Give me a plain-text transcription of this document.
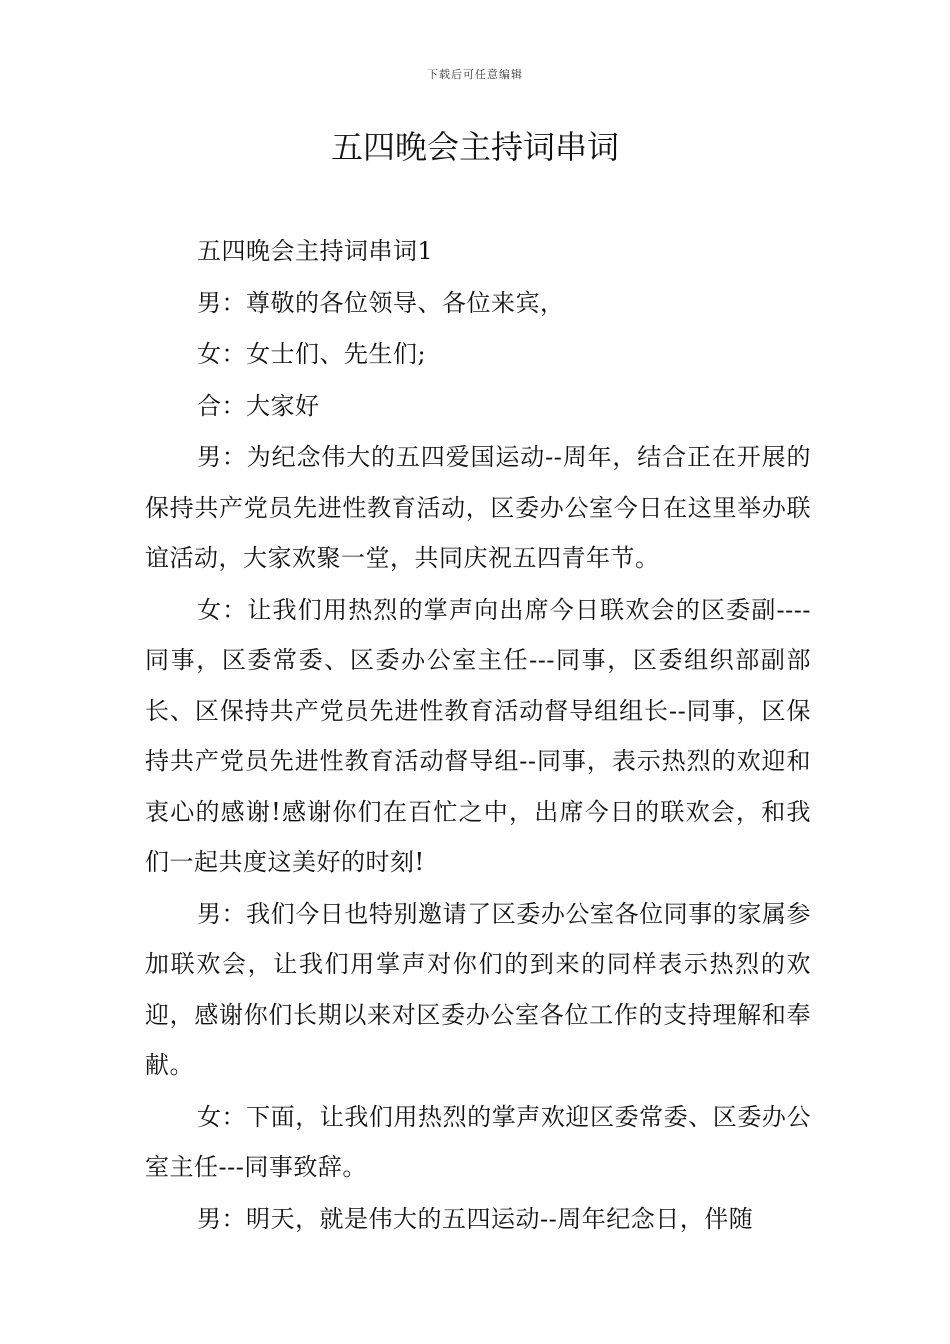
下载后可任意编辑
五四晚会主持词串词

五四晚会主持词串词1

男：尊敬的各位领导、各位来宾，

女：女士们、先生们;

合：大家好

男：为纪念伟大的五四爱国运动--周年，结合正在开展的保持共产党员先进性教育活动，区委办公室今日在这里举办联谊活动，大家欢聚一堂，共同庆祝五四青年节。

女：让我们用热烈的掌声向出席今日联欢会的区委副----同事，区委常委、区委办公室主任---同事，区委组织部副部长、区保持共产党员先进性教育活动督导组组长--同事，区保持共产党员先进性教育活动督导组--同事，表示热烈的欢迎和衷心的感谢!感谢你们在百忙之中，出席今日的联欢会，和我们一起共度这美好的时刻!

男：我们今日也特别邀请了区委办公室各位同事的家属参加联欢会，让我们用掌声对你们的到来的同样表示热烈的欢迎，感谢你们长期以来对区委办公室各位工作的支持理解和奉献。

女：下面，让我们用热烈的掌声欢迎区委常委、区委办公室主任---同事致辞。

男：明天，就是伟大的五四运动--周年纪念日，伴随
